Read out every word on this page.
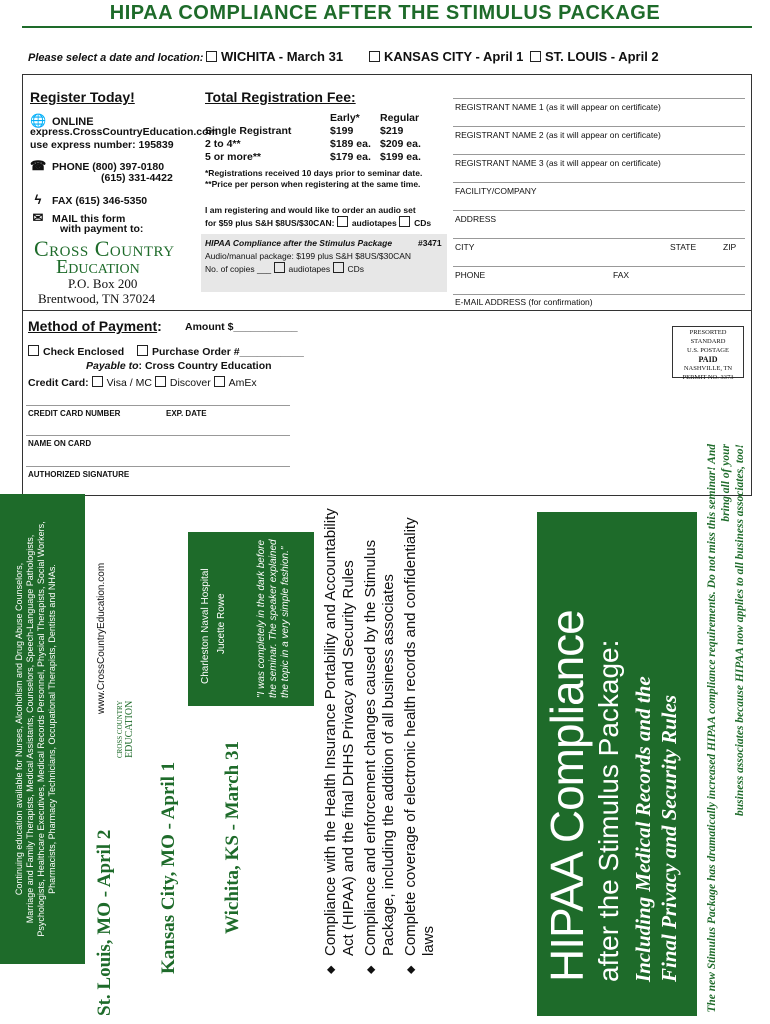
HIPAA COMPLIANCE AFTER THE STIMULUS PACKAGE
Please select a date and location:	WICHITA - March 31	KANSAS CITY - April 1	ST. LOUIS - April 2
Register Today!
🌐 ONLINE
express.CrossCountryEducation.com
use express number: 195839
☎ PHONE (800) 397-0180
(615) 331-4422
ϟ FAX (615) 346-5350
✉ MAIL this form
with payment to:
Cross Country
Education
P.O. Box 200
Brentwood, TN 37024
Total Registration Fee:
Early* Regular
Single Registrant	$199	$219
2 to 4**	$189 ea. $209 ea.
5 or more**	$179 ea. $199 ea.
*Registrations received 10 days prior to seminar date.
**Price per person when registering at the same time.
I am registering and would like to order an audio set
for $59 plus S&H $8US/$30CAN: audiotapes CDs
HIPAA Compliance after the Stimulus Package	#3471
Audio/manual package: $199 plus S&H $8US/$30CAN
No. of copies ___ audiotapes CDs
REGISTRANT NAME 1 (as it will appear on certificate)
REGISTRANT NAME 2 (as it will appear on certificate)
REGISTRANT NAME 3 (as it will appear on certificate)
FACILITY/COMPANY
ADDRESS
CITY	STATE	ZIP
PHONE	FAX
E-MAIL ADDRESS (for confirmation)
Method of Payment: Amount $___________
Check Enclosed	Purchase Order #___________
Payable to: Cross Country Education
Credit Card: Visa / MC Discover AmEx
CREDIT CARD NUMBER	EXP. DATE
NAME ON CARD
AUTHORIZED SIGNATURE
PRESORTED STANDARD
U.S. POSTAGE
PAID
NASHVILLE, TN
PERMIT NO. 3373
The new Stimulus Package has dramatically increased HIPAA compliance requirements. Do not miss this seminar! And bring all of your business associates because HIPAA now applies to all business associates, too!
HIPAA Compliance after the Stimulus Package: Including Medical Records and the Final Privacy and Security Rules
◆ Compliance with the Health Insurance Portability and Accountability Act (HIPAA) and the final DHHS Privacy and Security Rules ◆ Compliance and enforcement changes caused by the Stimulus Package, including the addition of all business associates ◆ Complete coverage of electronic health records and confidentiality laws
"I was completely in the dark before the seminar. The speaker explained the topic in a very simple fashion."
Jucette Rowe
Charleston Naval Hospital
Wichita, KS - March 31
Kansas City, MO - April 1
St. Louis, MO - April 2
www.CrossCountryEducation.com
CROSS COUNTRY EDUCATION
Continuing education available for Nurses, Alcoholism and Drug Abuse Counselors, Marriage and Family Therapists, Medical Assistants, Counselors, Speech-Language Pathologists, Psychologists, Healthcare Executives, Medical Records Personnel, Physical Therapists, Social Workers, Pharmacists, Pharmacy Technicians, Occupational Therapists, Dentists and NHAs.
